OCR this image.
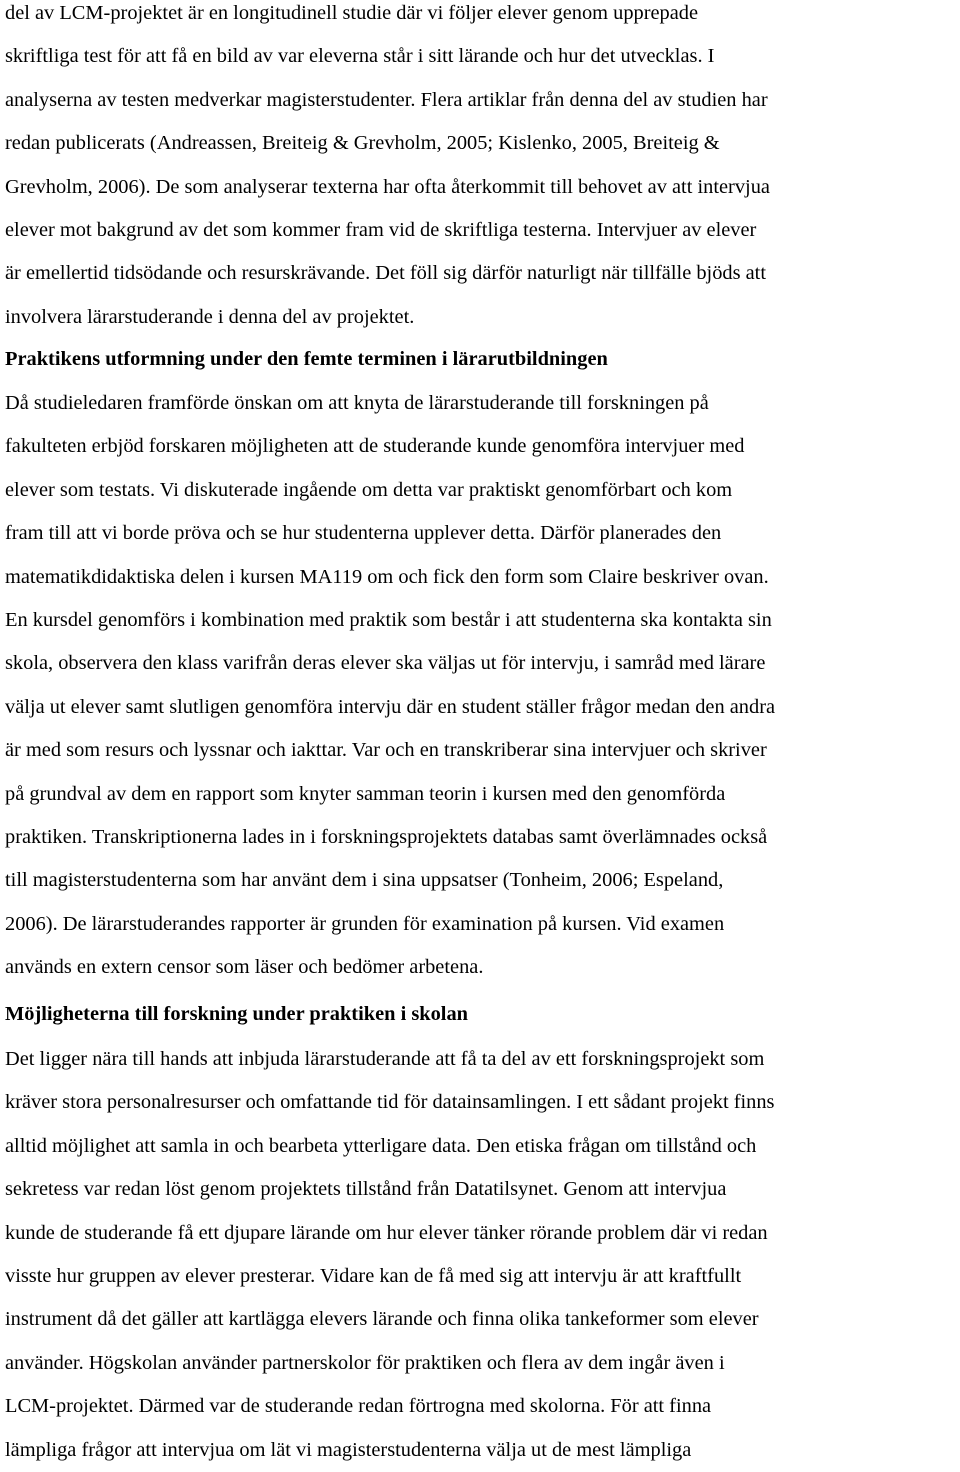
del av LCM-projektet är en longitudinell studie där vi följer elever genom upprepade
skriftliga test för att få en bild av var eleverna står i sitt lärande och hur det utvecklas. I
analyserna av testen medverkar magisterstudenter. Flera artiklar från denna del av studien har
redan publicerats (Andreassen, Breiteig & Grevholm, 2005; Kislenko, 2005, Breiteig &
Grevholm, 2006). De som analyserar texterna har ofta återkommit till behovet av att intervjua
elever mot bakgrund av det som kommer fram vid de skriftliga testerna. Intervjuer av elever
är emellertid tidsödande och resurskrävande. Det föll sig därför naturligt när tillfälle bjöds att
involvera lärarstuderande i denna del av projektet.
Praktikens utformning under den femte terminen i lärarutbildningen
Då studieledaren framförde önskan om att knyta de lärarstuderande till forskningen på
fakulteten erbjöd forskaren möjligheten att de studerande kunde genomföra intervjuer med
elever som testats. Vi diskuterade ingående om detta var praktiskt genomförbart och kom
fram till att vi borde pröva och se hur studenterna upplever detta. Därför planerades den
matematikdidaktiska delen i kursen MA119 om och fick den form som Claire beskriver ovan.
En kursdel genomförs i kombination med praktik som består i att studenterna ska kontakta sin
skola, observera den klass varifrån deras elever ska väljas ut för intervju, i samråd med lärare
välja ut elever samt slutligen genomföra intervju där en student ställer frågor medan den andra
är med som resurs och lyssnar och iakttar. Var och en transkriberar sina intervjuer och skriver
på grundval av dem en rapport som knyter samman teorin i kursen med den genomförda
praktiken. Transkriptionerna lades in i forskningsprojektets databas samt överlämnades också
till magisterstudenterna som har använt dem i sina uppsatser (Tonheim, 2006; Espeland,
2006). De lärarstuderandes rapporter är grunden för examination på kursen. Vid examen
används en extern censor som läser och bedömer arbetena.
Möjligheterna till forskning under praktiken i skolan
Det ligger nära till hands att inbjuda lärarstuderande att få ta del av ett forskningsprojekt som
kräver stora personalresurser och omfattande tid för datainsamlingen. I ett sådant projekt finns
alltid möjlighet att samla in och bearbeta ytterligare data. Den etiska frågan om tillstånd och
sekretess var redan löst genom projektets tillstånd från Datatilsynet. Genom att intervjua
kunde de studerande få ett djupare lärande om hur elever tänker rörande problem där vi redan
visste hur gruppen av elever presterar. Vidare kan de få med sig att intervju är att kraftfullt
instrument då det gäller att kartlägga elevers lärande och finna olika tankeformer som elever
använder. Högskolan använder partnerskolor för praktiken och flera av dem ingår även i
LCM-projektet. Därmed var de studerande redan förtrogna med skolorna. För att finna
lämpliga frågor att intervjua om lät vi magisterstudenterna välja ut de mest lämpliga
